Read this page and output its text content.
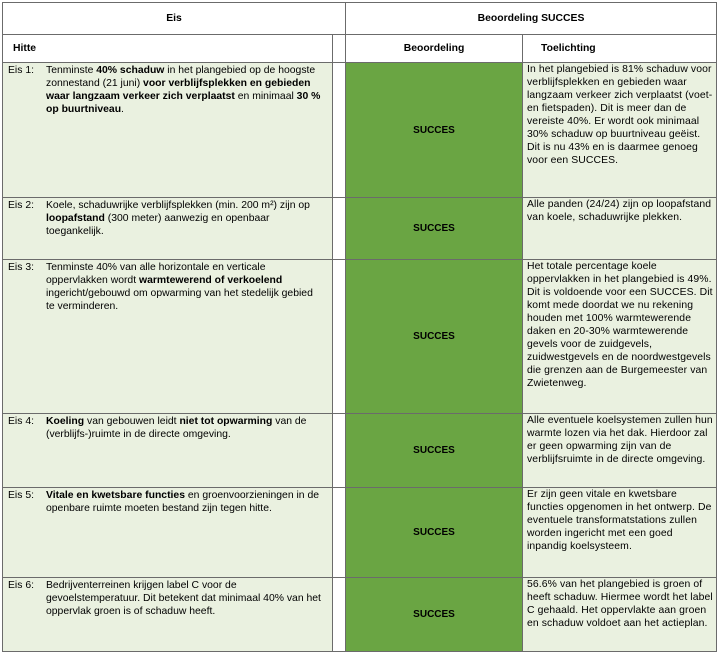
Eis		Beoordeling SUCCES	
Hitte		Beoordeling	Toelichting

Eis 1: Tenminste 40% schaduw in het plangebied op de hoogste zonnestand (21 juni) voor verblijfsplekken en gebieden waar langzaam verkeer zich verplaatst en minimaal 30 % op buurtniveau.		SUCCES	In het plangebied is 81% schaduw voor verblijfsplekken en gebieden waar langzaam verkeer zich verplaatst (voet- en fietspaden). Dit is meer dan de vereiste 40%. Er wordt ook minimaal 30% schaduw op buurtniveau geëist. Dit is nu 43% en is daarmee genoeg voor een SUCCES.

Eis 2: Koele, schaduwrijke verblijfsplekken (min. 200 m²) zijn op loopafstand (300 meter) aanwezig en openbaar toegankelijk.		SUCCES	Alle panden (24/24) zijn op loopafstand van koele, schaduwrijke plekken.

Eis 3: Tenminste 40% van alle horizontale en verticale oppervlakken wordt warmtewerend of verkoelend ingericht/gebouwd om opwarming van het stedelijk gebied te verminderen.		SUCCES	Het totale percentage koele oppervlakken in het plangebied is 49%. Dit is voldoende voor een SUCCES. Dit komt mede doordat we nu rekening houden met 100% warmtewerende daken en 20-30% warmtewerende gevels voor de zuidgevels, zuidwestgevels en de noordwestgevels die grenzen aan de Burgemeester van Zwietenweg.

Eis 4: Koeling van gebouwen leidt niet tot opwarming van de (verblijfs-)ruimte in de directe omgeving.		SUCCES	Alle eventuele koelsystemen zullen hun warmte lozen via het dak. Hierdoor zal er geen opwarming zijn van de verblijfsruimte in de directe omgeving.

Eis 5: Vitale en kwetsbare functies en groenvoorzieningen in de openbare ruimte moeten bestand zijn tegen hitte.		SUCCES	Er zijn geen vitale en kwetsbare functies opgenomen in het ontwerp. De eventuele transformatstations zullen worden ingericht met een goed inpandig koelsysteem.

Eis 6: Bedrijventerreinen krijgen label C voor de gevoelstemperatuur. Dit betekent dat minimaal 40% van het oppervlak groen is of schaduw heeft.		SUCCES	56.6% van het plangebied is groen of heeft schaduw. Hiermee wordt het label C gehaald. Het oppervlakte aan groen en schaduw voldoet aan het actieplan.
